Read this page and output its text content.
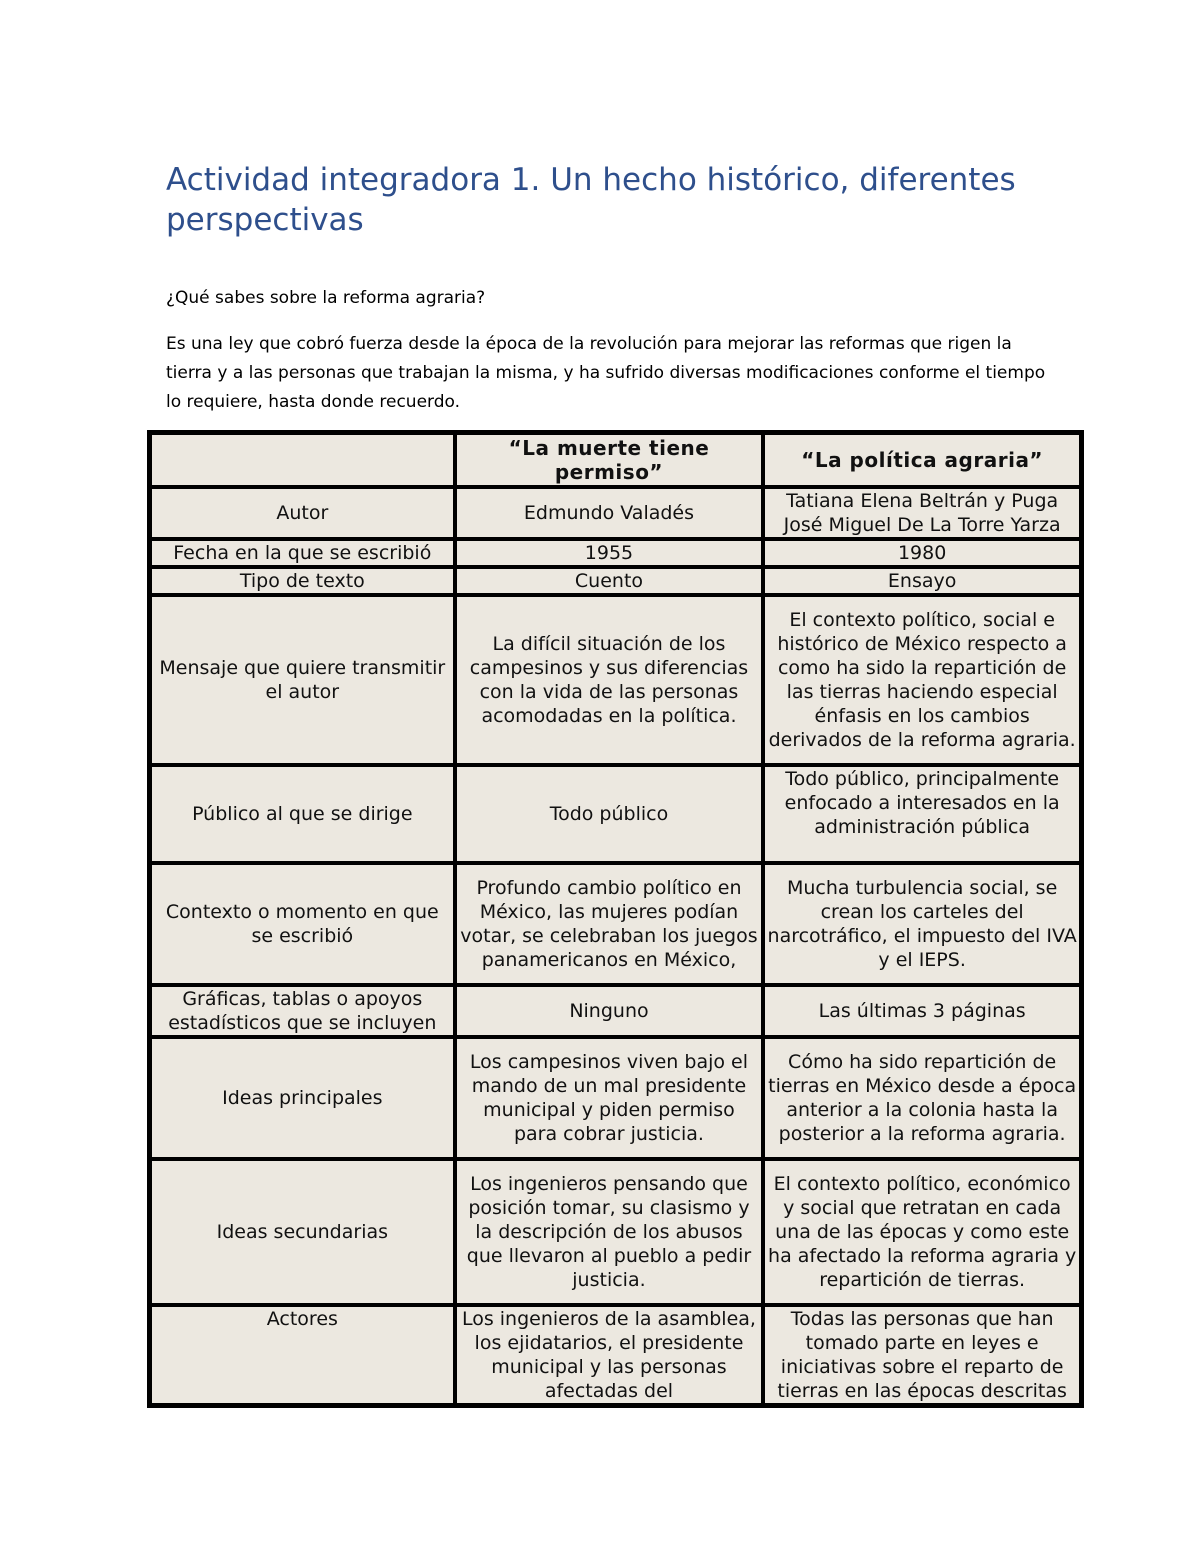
Actividad integradora 1. Un hecho histórico, diferentes perspectivas
¿Qué sabes sobre la reforma agraria?
Es una ley que cobró fuerza desde la época de la revolución para mejorar las reformas que rigen la tierra y a las personas que trabajan la misma, y ha sufrido diversas modificaciones conforme el tiempo lo requiere, hasta donde recuerdo.
	“La muerte tiene permiso”	“La política agraria”
Autor	Edmundo Valadés	Tatiana Elena Beltrán y Puga José Miguel De La Torre Yarza
Fecha en la que se escribió	1955	1980
Tipo de texto	Cuento	Ensayo
Mensaje que quiere transmitir el autor	La difícil situación de los campesinos y sus diferencias con la vida de las personas acomodadas en la política.	El contexto político, social e histórico de México respecto a como ha sido la repartición de las tierras haciendo especial énfasis en los cambios derivados de la reforma agraria.
Público al que se dirige	Todo público	Todo público, principalmente enfocado a interesados en la administración pública
Contexto o momento en que se escribió	Profundo cambio político en México, las mujeres podían votar, se celebraban los juegos panamericanos en México,	Mucha turbulencia social, se crean los carteles del narcotráfico, el impuesto del IVA y el IEPS.
Gráficas, tablas o apoyos estadísticos que se incluyen	Ninguno	Las últimas 3 páginas
Ideas principales	Los campesinos viven bajo el mando de un mal presidente municipal y piden permiso para cobrar justicia.	Cómo ha sido repartición de tierras en México desde a época anterior a la colonia hasta la posterior a la reforma agraria.
Ideas secundarias	Los ingenieros pensando que posición tomar, su clasismo y la descripción de los abusos que llevaron al pueblo a pedir justicia.	El contexto político, económico y social que retratan en cada una de las épocas y como este ha afectado la reforma agraria y repartición de tierras.
Actores	Los ingenieros de la asamblea, los ejidatarios, el presidente municipal y las personas afectadas del	Todas las personas que han tomado parte en leyes e iniciativas sobre el reparto de tierras en las épocas descritas
